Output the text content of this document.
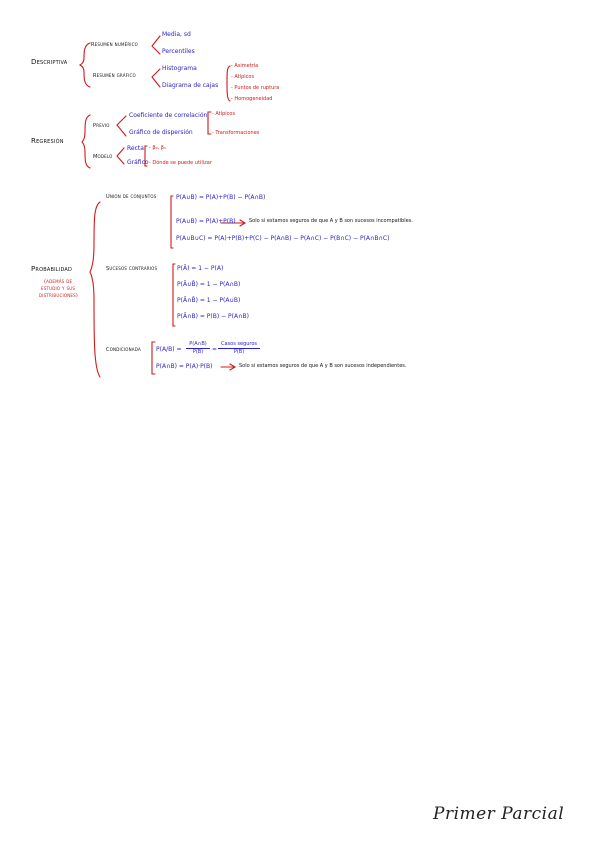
Descriptiva
Resumen numérico
Media, sd
Percentiles
Resumen gráfico
Histograma
Diagrama de cajas
- Asimetría
- Atípicos
- Puntos de ruptura
- Homogeneidad
Regresión
Previo
Coeficiente de correlación
Gráfico de dispersión
- Atípicos
- Transformaciones
Modelo
Recta
Gráfico
- β₀, β₁
- Dónde se puede utilizar
Probabilidad
(además de
estudio y sus
distribuciones)
Unión de conjuntos	P(A∪B) = P(A)+P(B) − P(A∩B)
P(A∪B) = P(A)+P(B)	Solo si estamos seguros de que A y B son sucesos incompatibles.
P(A∪B∪C) = P(A)+P(B)+P(C) − P(A∩B) − P(A∩C) − P(B∩C) − P(A∩B∩C)
Sucesos contrarios	P(Ā) = 1 − P(A)
P(Ā∪B̄) = 1 − P(A∩B)
P(Ā∩B̄) = 1 − P(A∪B)
P(Ā∩B) = P(B) − P(A∩B)
Condicionada	P(A/B) =
P(A∩B)
P(B)	=
Casos seguros
P(B)
P(A∩B) = P(A)·P(B)	Solo si estamos seguros de que A y B son sucesos independientes.
Primer Parcial
